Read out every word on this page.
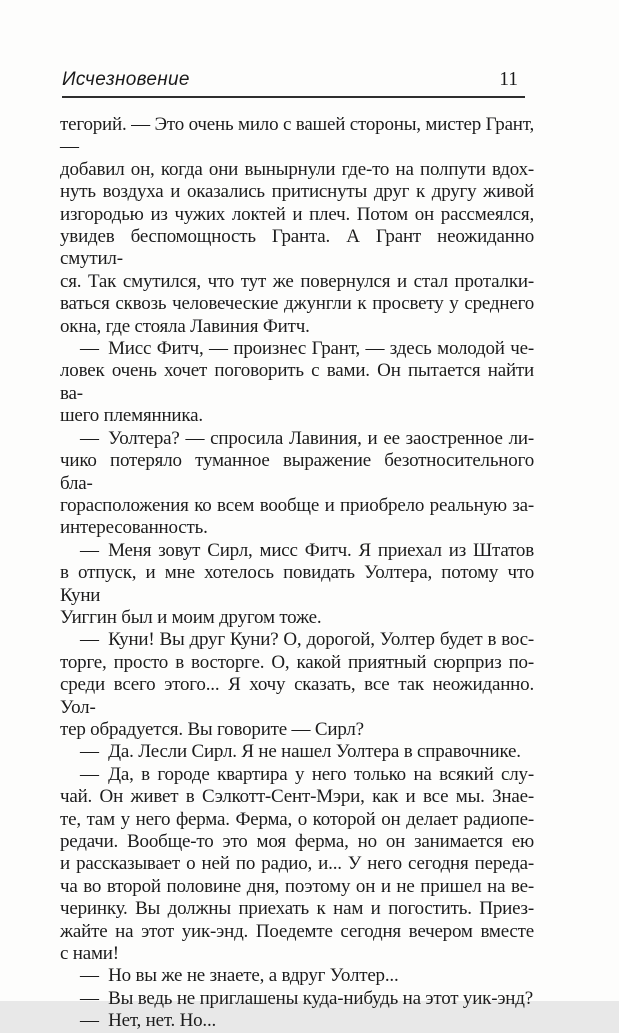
Исчезновение	11
тегорий. — Это очень мило с вашей стороны, мистер Грант, —
добавил он, когда они вынырнули где-то на полпути вдох-
нуть воздуха и оказались притиснуты друг к другу живой
изгородью из чужих локтей и плеч. Потом он рассмеялся,
увидев беспомощность Гранта. А Грант неожиданно смутил-
ся. Так смутился, что тут же повернулся и стал проталки-
ваться сквозь человеческие джунгли к просвету у среднего
окна, где стояла Лавиния Фитч.
— Мисс Фитч, — произнес Грант, — здесь молодой че-
ловек очень хочет поговорить с вами. Он пытается найти ва-
шего племянника.
— Уолтера? — спросила Лавиния, и ее заостренное ли-
чико потеряло туманное выражение безотносительного бла-
горасположения ко всем вообще и приобрело реальную за-
интересованность.
— Меня зовут Сирл, мисс Фитч. Я приехал из Штатов
в отпуск, и мне хотелось повидать Уолтера, потому что Куни
Уиггин был и моим другом тоже.
— Куни! Вы друг Куни? О, дорогой, Уолтер будет в вос-
торге, просто в восторге. О, какой приятный сюрприз по-
среди всего этого... Я хочу сказать, все так неожиданно. Уол-
тер обрадуется. Вы говорите — Сирл?
— Да. Лесли Сирл. Я не нашел Уолтера в справочнике.
— Да, в городе квартира у него только на всякий слу-
чай. Он живет в Сэлкотт-Сент-Мэри, как и все мы. Знае-
те, там у него ферма. Ферма, о которой он делает радиопе-
редачи. Вообще-то это моя ферма, но он занимается ею
и рассказывает о ней по радио, и... У него сегодня переда-
ча во второй половине дня, поэтому он и не пришел на ве-
черинку. Вы должны приехать к нам и погостить. Приез-
жайте на этот уик-энд. Поедемте сегодня вечером вместе
с нами!
— Но вы же не знаете, а вдруг Уолтер...
— Вы ведь не приглашены куда-нибудь на этот уик-энд?
— Нет, нет. Но...
